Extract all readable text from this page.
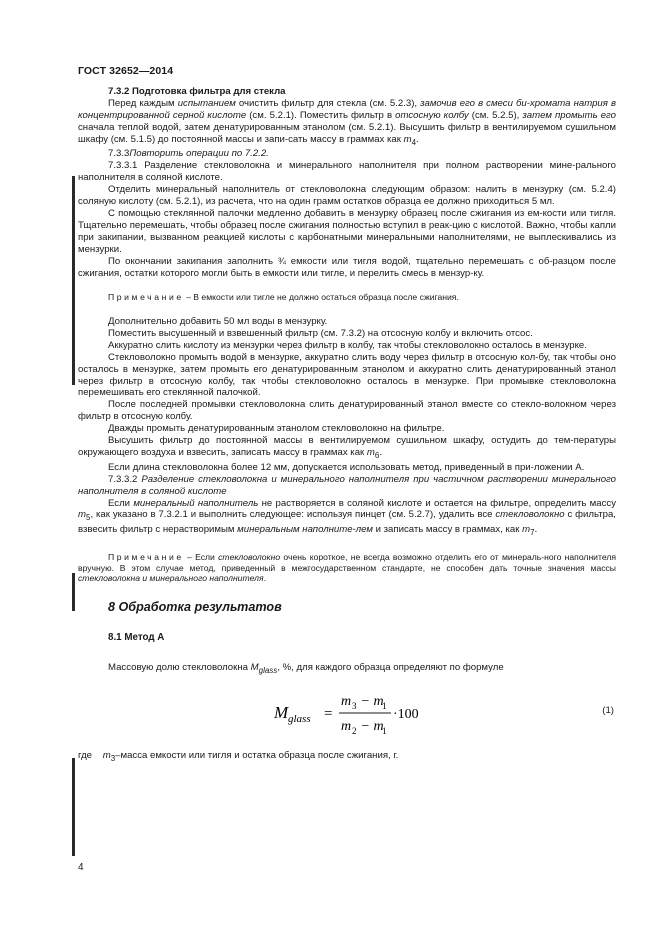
ГОСТ 32652—2014

7.3.2 Подготовка фильтра для стекла

Перед каждым испытанием очистить фильтр для стекла (см. 5.2.3), замочив его в смеси би-хромата натрия в концентрированной серной кислоте (см. 5.2.1). Поместить фильтр в отсосную колбу (см. 5.2.5), затем промыть его сначала теплой водой, затем денатурированным этанолом (см. 5.2.1). Высушить фильтр в вентилируемом сушильном шкафу (см. 5.1.5) до постоянной массы и запи-сать массу в граммах как $m_4$.

7.3.3Повторить операции по 7.2.2.

7.3.3.1 Разделение стекловолокна и минерального наполнителя при полном растворении мине-рального наполнителя в соляной кислоте.

Отделить минеральный наполнитель от стекловолокна следующим образом: налить в мензурку (см. 5.2.4) соляную кислоту (см. 5.2.1), из расчета, что на один грамм остатков образца ее должно приходиться 5 мл.

С помощью стеклянной палочки медленно добавить в мензурку образец после сжигания из ем-кости или тигля. Тщательно перемешать, чтобы образец после сжигания полностью вступил в реак-цию с кислотой. Важно, чтобы капли при закипании, вызванном реакцией кислоты с карбонатными минеральными наполнителями, не выплескивались из мензурки.

По окончании закипания заполнить ¾ емкости или тигля водой, тщательно перемешать с об-разцом после сжигания, остатки которого могли быть в емкости или тигле, и перелить смесь в мензур-ку.

Примечание – В емкости или тигле не должно остаться образца после сжигания.

Дополнительно добавить 50 мл воды в мензурку.

Поместить высушенный и взвешенный фильтр (см. 7.3.2) на отсосную колбу и включить отсос.

Аккуратно слить кислоту из мензурки через фильтр в колбу, так чтобы стекловолокно осталось в мензурке.

Стекловолокно промыть водой в мензурке, аккуратно слить воду через фильтр в отсосную кол-бу, так чтобы оно осталось в мензурке, затем промыть его денатурированным этанолом и аккуратно слить денатурированный этанол через фильтр в отсосную колбу, так чтобы стекловолокно осталось в мензурке. При промывке стекловолокна перемешивать его стеклянной палочкой.

После последней промывки стекловолокна слить денатурированный этанол вместе со стекло-волокном через фильтр в отсосную колбу.

Дважды промыть денатурированным этанолом стекловолокно на фильтре.

Высушить фильтр до постоянной массы в вентилируемом сушильном шкафу, остудить до тем-пературы окружающего воздуха и взвесить, записать массу в граммах как $m_6$.

Если длина стекловолокна более 12 мм, допускается использовать метод, приведенный в при-ложении А.

7.3.3.2 Разделение стекловолокна и минерального наполнителя при частичном растворении минерального наполнителя в соляной кислоте

Если минеральный наполнитель не растворяется в соляной кислоте и остается на фильтре, определить массу $m_5$, как указано в 7.3.2.1 и выполнить следующее: используя пинцет (см. 5.2.7), удалить все стекловолокно с фильтра, взвесить фильтр с нерастворимым минеральным наполните-лем и записать массу в граммах, как $m_7$.

Примечание – Если стекловолокно очень короткое, не всегда возможно отделить его от минераль-ного наполнителя вручную. В этом случае метод, приведенный в межгосударственном стандарте, не способен дать точные значения массы стекловолокна и минерального наполнителя.

8 Обработка результатов

8.1 Метод А

Массовую долю стекловолокна $M_{glass}$, %, для каждого образца определяют по формуле

M glass =
m 3 − m
1
m 2 − m
1
·100	(1)

где $m_3$–масса емкости или тигля и остатка образца после сжигания, г.

4
